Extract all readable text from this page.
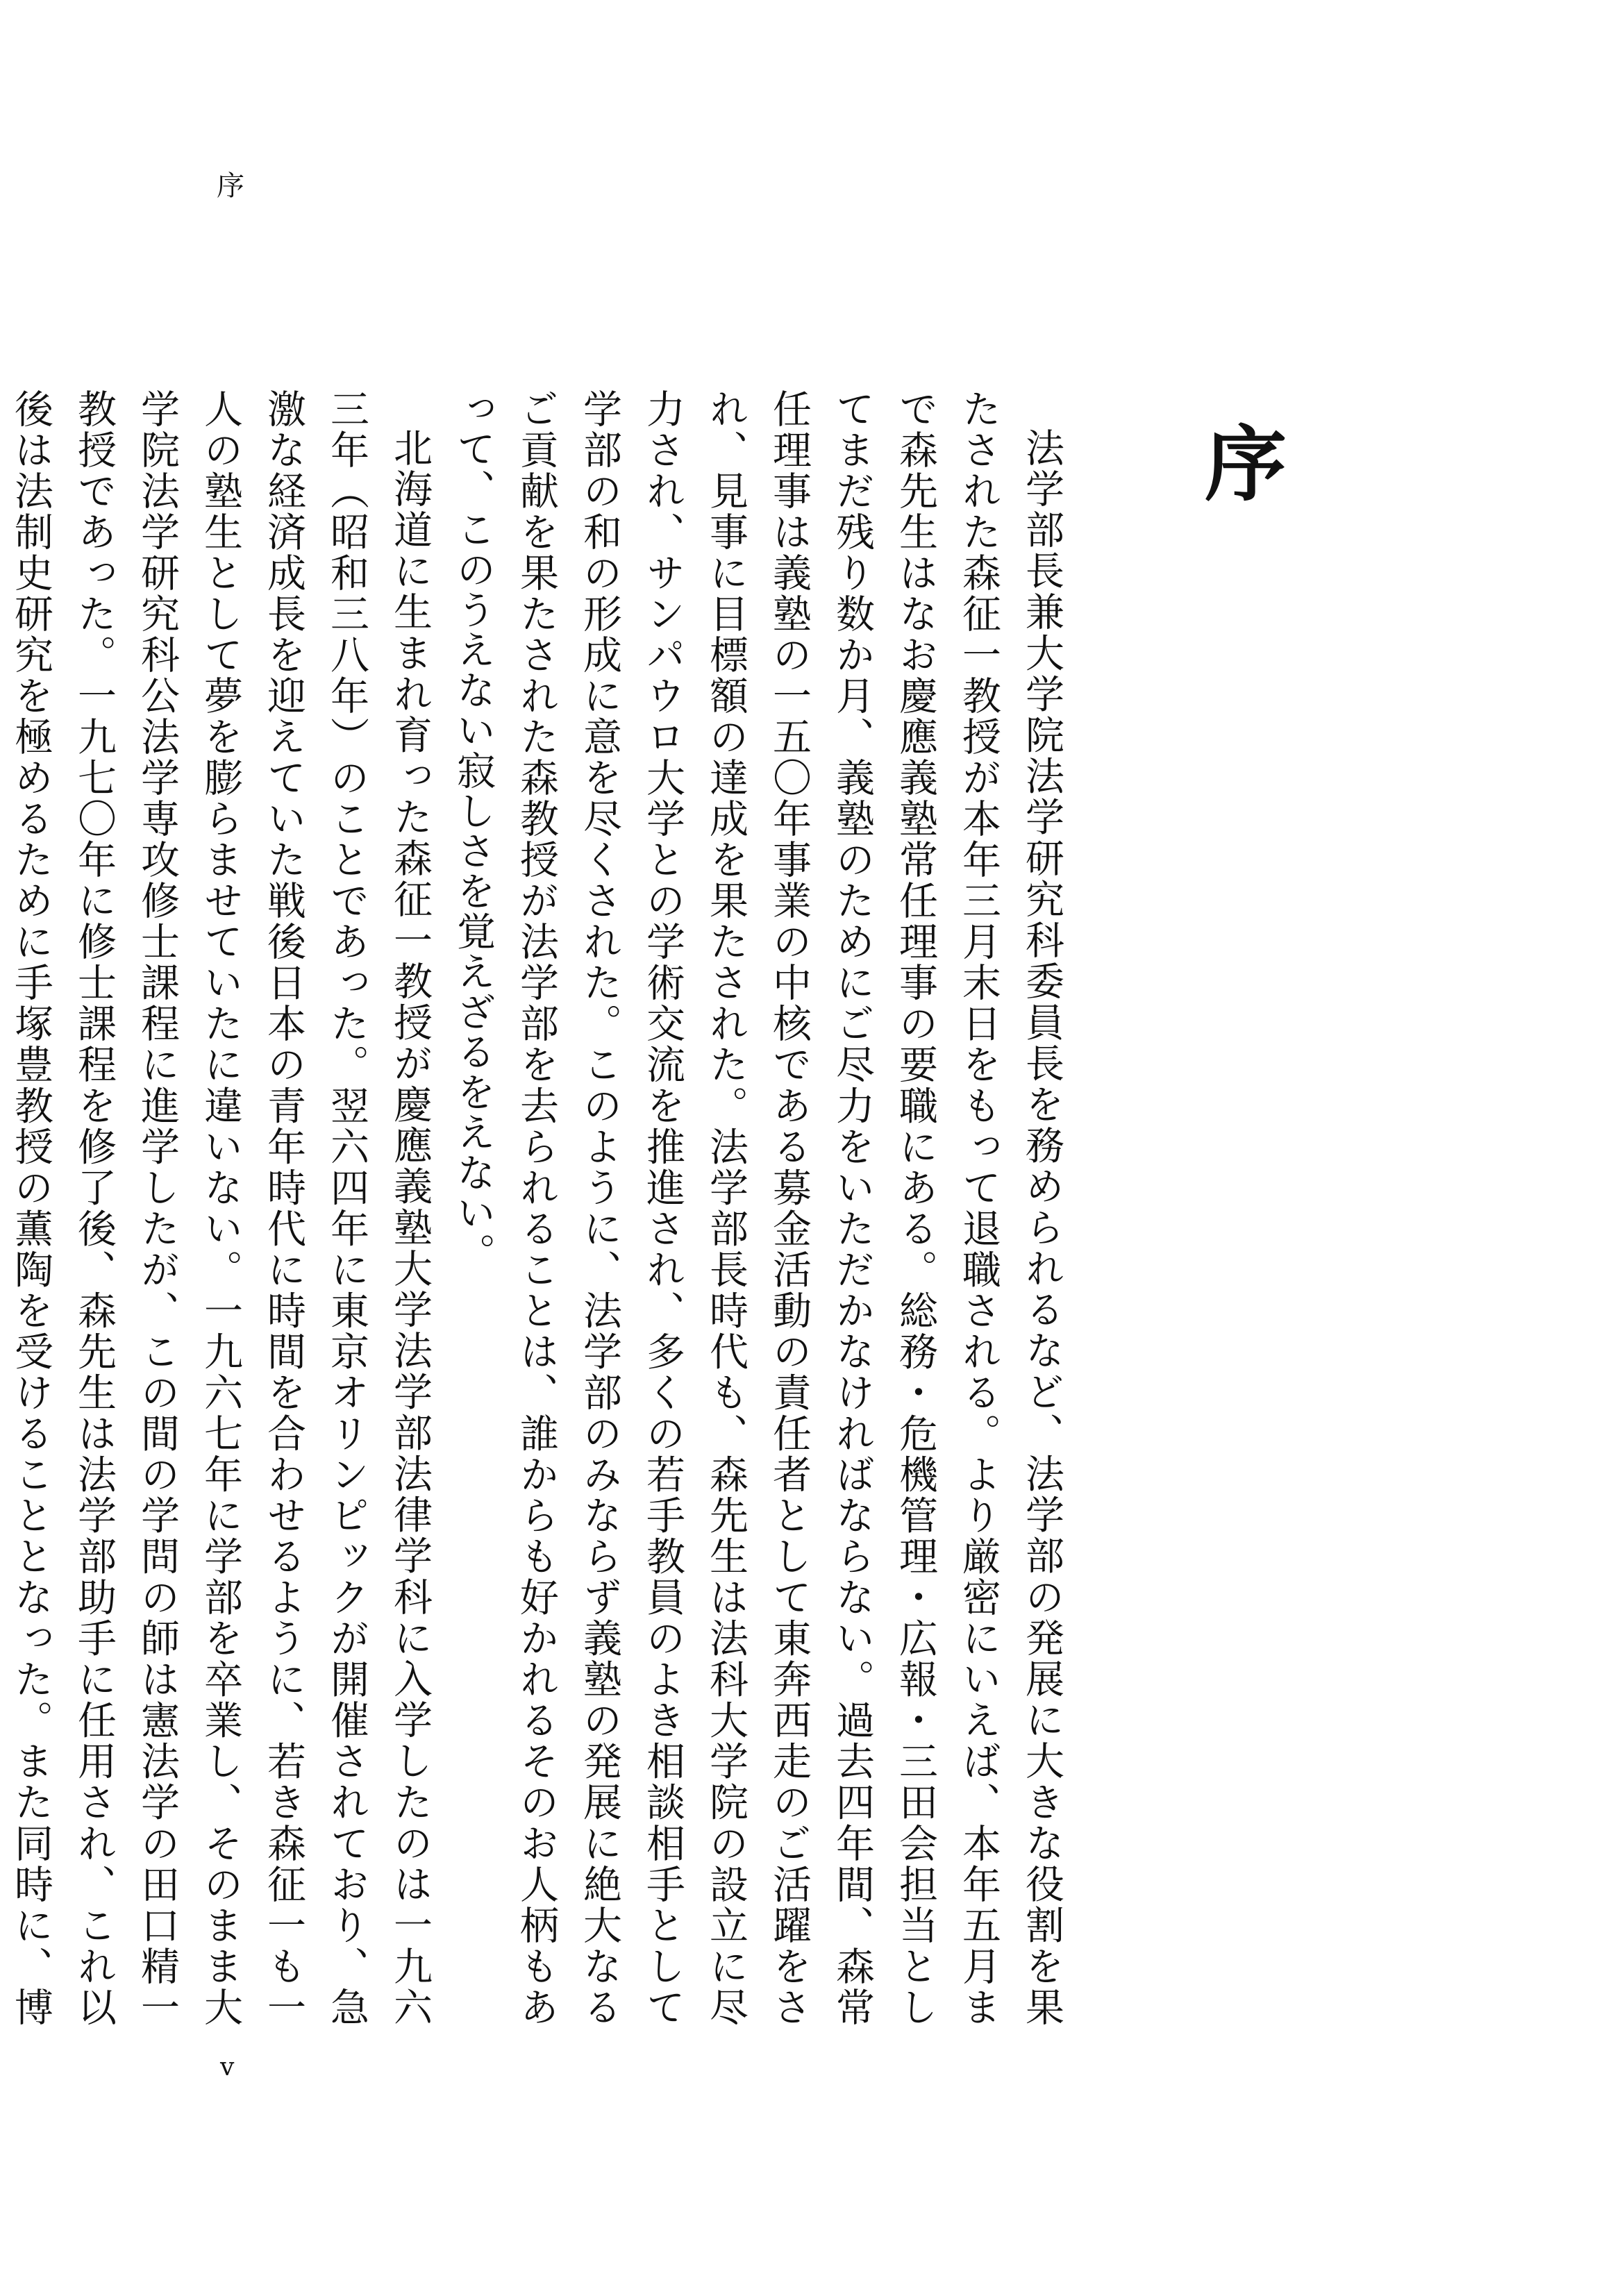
序
序

法学部長兼大学院法学研究科委員長を務められるなど、法学部の発展に大きな役割を果たされた森征一教授が本年三月末日をもって退職される。より厳密にいえば、本年五月まで森先生はなお慶應義塾常任理事の要職にある。総務・危機管理・広報・三田会担当としてまだ残り数か月、義塾のためにご尽力をいただかなければならない。過去四年間、森常任理事は義塾の一五〇年事業の中核である募金活動の責任者として東奔西走のご活躍をされ、見事に目標額の達成を果たされた。法学部長時代も、森先生は法科大学院の設立に尽力され、サンパウロ大学との学術交流を推進され、多くの若手教員のよき相談相手として学部の和の形成に意を尽くされた。このように、法学部のみならず義塾の発展に絶大なるご貢献を果たされた森教授が法学部を去られることは、誰からも好かれるそのお人柄もあって、このうえない寂しさを覚えざるをえない。

北海道に生まれ育った森征一教授が慶應義塾大学法学部法律学科に入学したのは一九六三年（昭和三八年）のことであった。翌六四年に東京オリンピックが開催されており、急激な経済成長を迎えていた戦後日本の青年時代に時間を合わせるように、若き森征一も一人の塾生として夢を膨らませていたに違いない。一九六七年に学部を卒業し、そのまま大学院法学研究科公法学専攻修士課程に進学したが、この間の学問の師は憲法学の田口精一教授であった。一九七〇年に修士課程を修了後、森先生は法学部助手に任用され、これ以後は法制史研究を極めるために手塚豊教授の薫陶を受けることとなった。また同時に、博

v
